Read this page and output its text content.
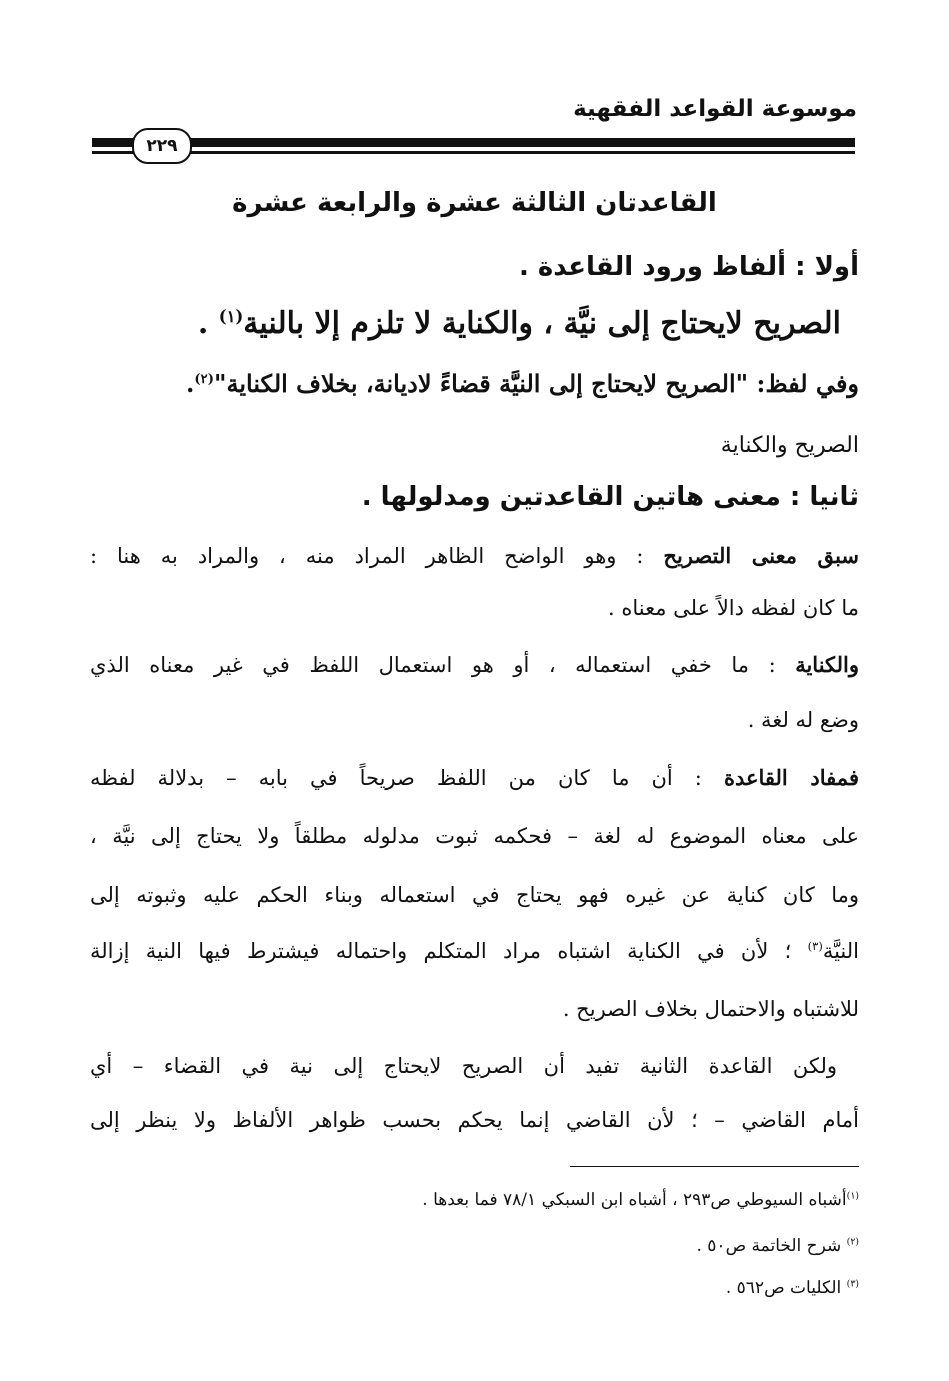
موسوعة القواعد الفقهية
٢٢٩
القاعدتان الثالثة عشرة والرابعة عشرة
أولا : ألفاظ ورود القاعدة .
الصريح لايحتاج إلى نيَّة ، والكناية لا تلزم إلا بالنية$^{(١)}$ .
وفي لفظ: "الصريح لايحتاج إلى النيَّة قضاءً لاديانة، بخلاف الكناية"$^{(٢)}$.
الصريح والكناية
ثانيا : معنى هاتين القاعدتين ومدلولها .
سبق معنى التصريح : وهو الواضح الظاهر المراد منه ، والمراد به هنا :
ما كان لفظه دالاً على معناه .
والكناية : ما خفي استعماله ، أو هو استعمال اللفظ في غير معناه الذي
وضع له لغة .
فمفاد القاعدة : أن ما كان من اللفظ صريحاً في بابه – بدلالة لفظه
على معناه الموضوع له لغة – فحكمه ثبوت مدلوله مطلقاً ولا يحتاج إلى نيَّة ،
وما كان كناية عن غيره فهو يحتاج في استعماله وبناء الحكم عليه وثبوته إلى
النيَّة$^{(٣)}$ ؛ لأن في الكناية اشتباه مراد المتكلم واحتماله فيشترط فيها النية إزالة
للاشتباه والاحتمال بخلاف الصريح .
ولكن القاعدة الثانية تفيد أن الصريح لايحتاج إلى نية في القضاء – أي
أمام القاضي – ؛ لأن القاضي إنما يحكم بحسب ظواهر الألفاظ ولا ينظر إلى
$^{(١)}$أشباه السيوطي ص٢٩٣ ، أشباه ابن السبكي ٧٨/١ فما بعدها .
$^{(٢)}$ شرح الخاتمة ص٥٠ .
$^{(٣)}$ الكليات ص٥٦٢ .
